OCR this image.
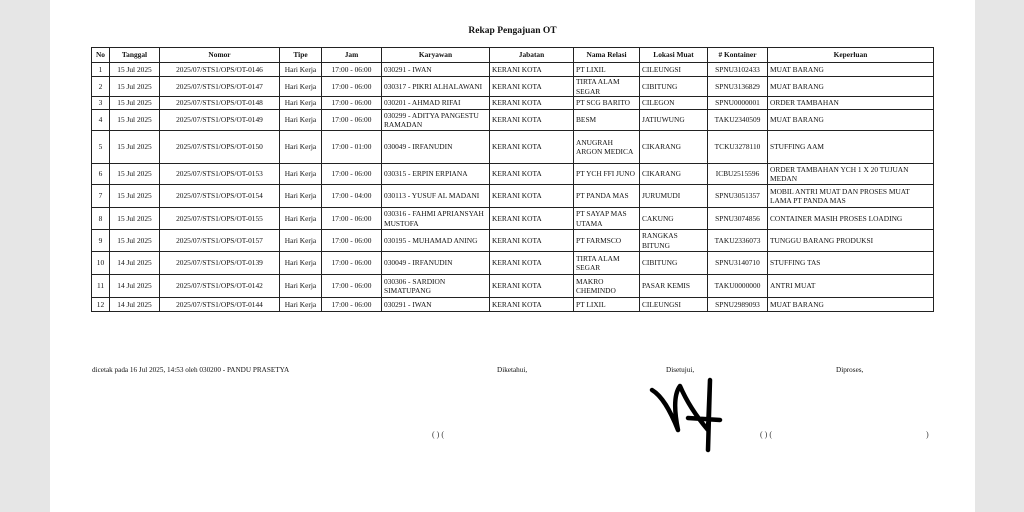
Rekap Pengajuan OT
No	Tanggal	Nomor	Tipe	Jam	Karyawan	Jabatan	Nama Relasi	Lokasi Muat	# Kontainer	Keperluan
1	15 Jul 2025	2025/07/STS1/OPS/OT-0146	Hari Kerja	17:00 - 06:00	030291 - IWAN	KERANI KOTA	PT LIXIL	CILEUNGSI	SPNU3102433	MUAT BARANG
2	15 Jul 2025	2025/07/STS1/OPS/OT-0147	Hari Kerja	17:00 - 06:00	030317 - PIKRI ALHALAWANI	KERANI KOTA	TIRTA ALAM SEGAR	CIBITUNG	SPNU3136829	MUAT BARANG
3	15 Jul 2025	2025/07/STS1/OPS/OT-0148	Hari Kerja	17:00 - 06:00	030201 - AHMAD RIFAI	KERANI KOTA	PT SCG BARITO	CILEGON	SPNU0000001	ORDER TAMBAHAN
4	15 Jul 2025	2025/07/STS1/OPS/OT-0149	Hari Kerja	17:00 - 06:00	030299 - ADITYA PANGESTU RAMADAN	KERANI KOTA	BESM	JATIUWUNG	TAKU2340509	MUAT BARANG
5	15 Jul 2025	2025/07/STS1/OPS/OT-0150	Hari Kerja	17:00 - 01:00	030049 - IRFANUDIN	KERANI KOTA	ANUGRAH ARGON MEDICA	CIKARANG	TCKU3278110	STUFFING AAM
6	15 Jul 2025	2025/07/STS1/OPS/OT-0153	Hari Kerja	17:00 - 06:00	030315 - ERPIN ERPIANA	KERANI KOTA	PT YCH FFI JUNO	CIKARANG	ICBU2515596	ORDER TAMBAHAN YCH 1 X 20 TUJUAN MEDAN
7	15 Jul 2025	2025/07/STS1/OPS/OT-0154	Hari Kerja	17:00 - 04:00	030113 - YUSUF AL MADANI	KERANI KOTA	PT PANDA MAS	JURUMUDI	SPNU3051357	MOBIL ANTRI MUAT DAN PROSES MUAT LAMA PT PANDA MAS
8	15 Jul 2025	2025/07/STS1/OPS/OT-0155	Hari Kerja	17:00 - 06:00	030316 - FAHMI APRIANSYAH MUSTOFA	KERANI KOTA	PT SAYAP MAS UTAMA	CAKUNG	SPNU3074856	CONTAINER MASIH PROSES LOADING
9	15 Jul 2025	2025/07/STS1/OPS/OT-0157	Hari Kerja	17:00 - 06:00	030195 - MUHAMAD ANING	KERANI KOTA	PT FARMSCO	RANGKAS BITUNG	TAKU2336073	TUNGGU BARANG PRODUKSI
10	14 Jul 2025	2025/07/STS1/OPS/OT-0139	Hari Kerja	17:00 - 06:00	030049 - IRFANUDIN	KERANI KOTA	TIRTA ALAM SEGAR	CIBITUNG	SPNU3140710	STUFFING TAS
11	14 Jul 2025	2025/07/STS1/OPS/OT-0142	Hari Kerja	17:00 - 06:00	030306 - SARDION SIMATUPANG	KERANI KOTA	MAKRO CHEMINDO	PASAR KEMIS	TAKU0000000	ANTRI MUAT
12	14 Jul 2025	2025/07/STS1/OPS/OT-0144	Hari Kerja	17:00 - 06:00	030291 - IWAN	KERANI KOTA	PT LIXIL	CILEUNGSI	SPNU2989093	MUAT BARANG
dicetak pada 16 Jul 2025, 14:53 oleh 030200 - PANDU PRASETYA	Diketahui,	Disetujui,	Diproses,
( ) (	( ) (	)
